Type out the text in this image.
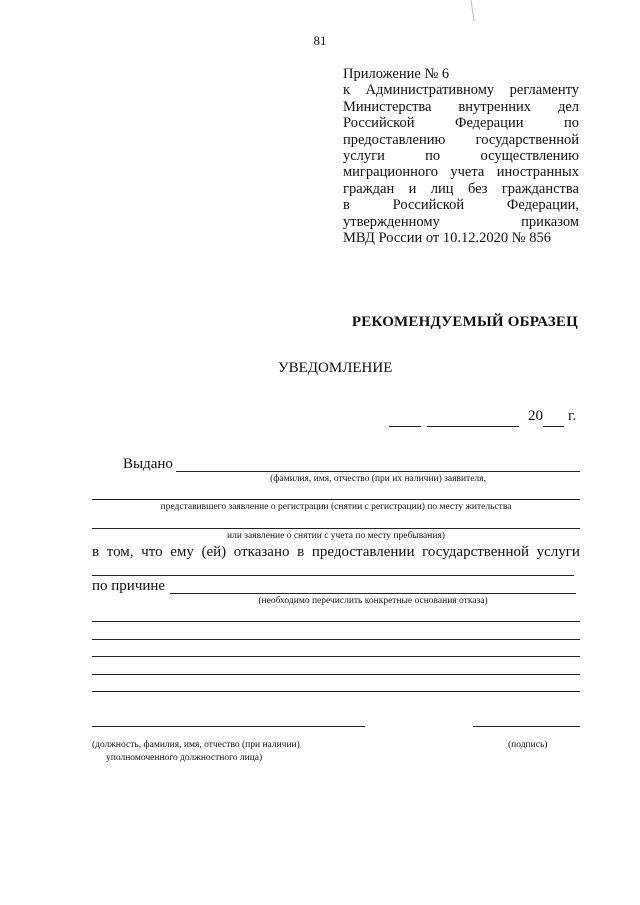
81
Приложение № 6
к Административному регламенту
Министерства внутренних дел
Российской	Федерации	по
предоставлению государственной
услуги	по	осуществлению
миграционного учета иностранных
граждан и лиц без гражданства
в	Российской	Федерации,
утвержденному	приказом
МВД России от 10.12.2020 № 856
РЕКОМЕНДУЕМЫЙ ОБРАЗЕЦ
УВЕДОМЛЕНИЕ
20 г.
Выдано
(фамилия, имя, отчество (при их наличии) заявителя,
представившего заявление о регистрации (снятии с регистрации) по месту жительства
или заявление о снятии с учета по месту пребывания)
в том, что ему (ей) отказано в предоставлении государственной услуги
по причине
(необходимо перечислить конкретные основания отказа)
(должность, фамилия, имя, отчество (при наличии)
уполномоченного должностного лица)
(подпись)
